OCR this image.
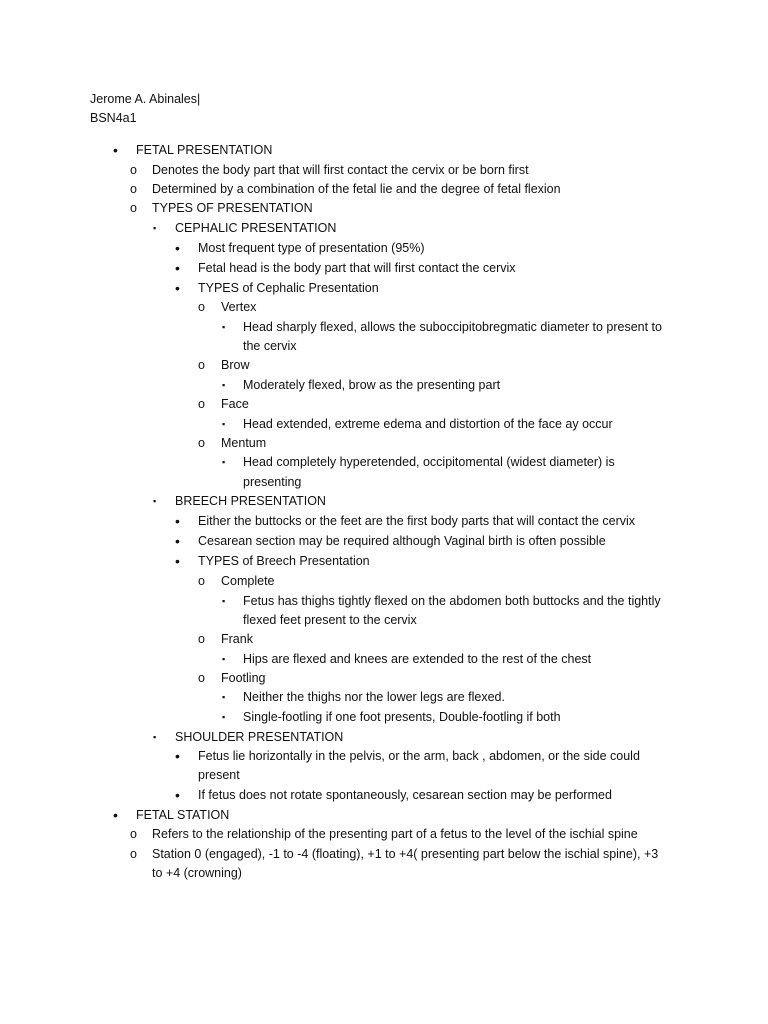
Jerome A. Abinales|
BSN4a1
• FETAL PRESENTATION
o Denotes the body part that will first contact the cervix or be born first
o Determined by a combination of the fetal lie and the degree of fetal flexion
o TYPES OF PRESENTATION
▪ CEPHALIC PRESENTATION
• Most frequent type of presentation (95%)
• Fetal head is the body part that will first contact the cervix
• TYPES of Cephalic Presentation
o Vertex
▪ Head sharply flexed, allows the suboccipitobregmatic diameter to present to
the cervix
o Brow
▪ Moderately flexed, brow as the presenting part
o Face
▪ Head extended, extreme edema and distortion of the face ay occur
o Mentum
▪ Head completely hyperetended, occipitomental (widest diameter) is
presenting
▪ BREECH PRESENTATION
• Either the buttocks or the feet are the first body parts that will contact the cervix
• Cesarean section may be required although Vaginal birth is often possible
• TYPES of Breech Presentation
o Complete
▪ Fetus has thighs tightly flexed on the abdomen both buttocks and the tightly
flexed feet present to the cervix
o Frank
▪ Hips are flexed and knees are extended to the rest of the chest
o Footling
▪ Neither the thighs nor the lower legs are flexed.
▪ Single-footling if one foot presents, Double-footling if both
▪ SHOULDER PRESENTATION
• Fetus lie horizontally in the pelvis, or the arm, back , abdomen, or the side could
present
• If fetus does not rotate spontaneously, cesarean section may be performed
• FETAL STATION
o Refers to the relationship of the presenting part of a fetus to the level of the ischial spine
o Station 0 (engaged), -1 to -4 (floating), +1 to +4( presenting part below the ischial spine), +3
to +4 (crowning)
